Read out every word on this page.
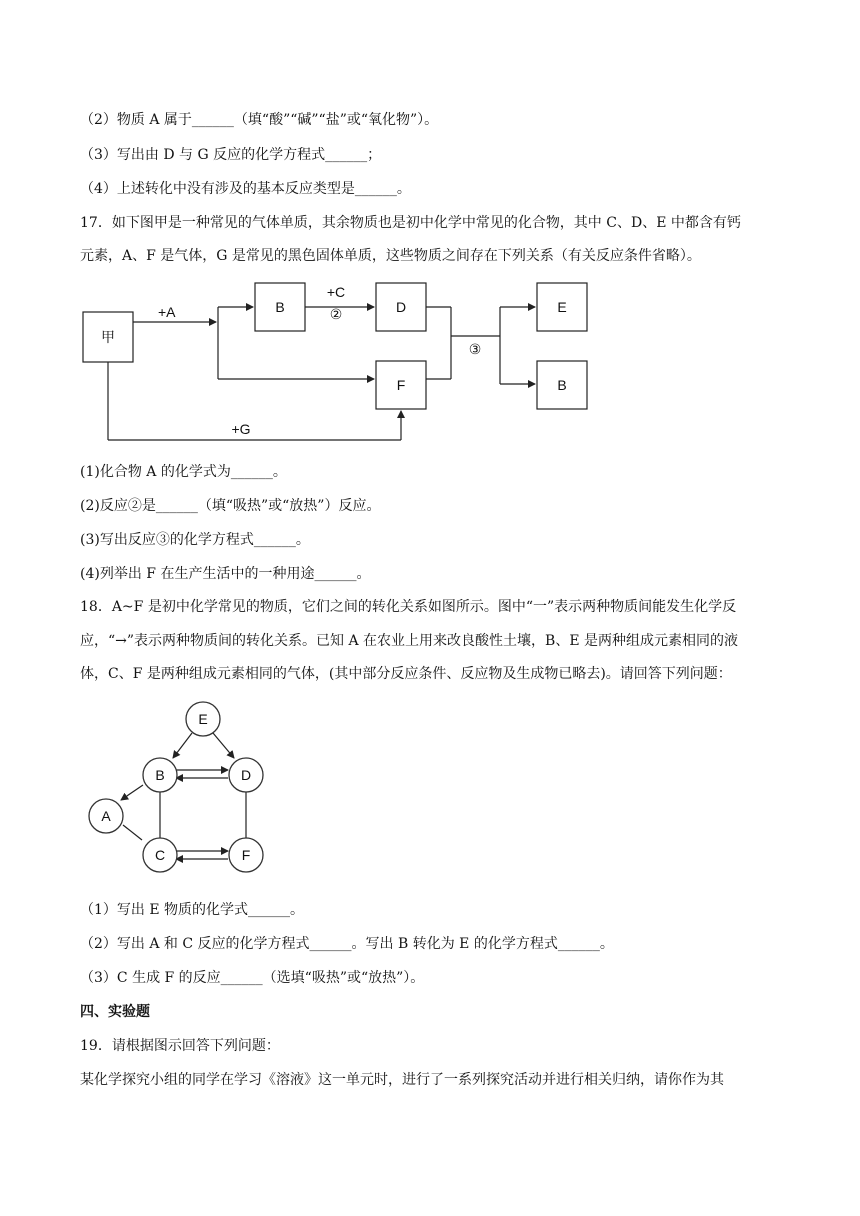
（2）物质 A 属于______（填“酸”“碱”“盐”或“氧化物”）。
（3）写出由 D 与 G 反应的化学方程式______；
（4）上述转化中没有涉及的基本反应类型是______。
17．如下图甲是一种常见的气体单质，其余物质也是初中化学中常见的化合物，其中 C、D、E 中都含有钙
元素，A、F 是气体，G 是常见的黑色固体单质，这些物质之间存在下列关系（有关反应条件省略）。
甲
B	D
F
E
B
+A
+C
②
③
+G
(1)化合物 A 的化学式为______。
(2)反应②是______（填“吸热”或“放热”）反应。
(3)写出反应③的化学方程式______。
(4)列举出 F 在生产生活中的一种用途______。
18．A~F 是初中化学常见的物质，它们之间的转化关系如图所示。图中“一”表示两种物质间能发生化学反
应，“→”表示两种物质间的转化关系。已知 A 在农业上用来改良酸性土壤，B、E 是两种组成元素相同的液
体，C、F 是两种组成元素相同的气体，(其中部分反应条件、反应物及生成物已略去)。请回答下列问题：
E
B	D
A
C	F
（1）写出 E 物质的化学式______。
（2）写出 A 和 C 反应的化学方程式______。写出 B 转化为 E 的化学方程式______。
（3）C 生成 F 的反应______（选填“吸热”或“放热”）。
四、实验题
19．请根据图示回答下列问题：
某化学探究小组的同学在学习《溶液》这一单元时，进行了一系列探究活动并进行相关归纳，请你作为其
